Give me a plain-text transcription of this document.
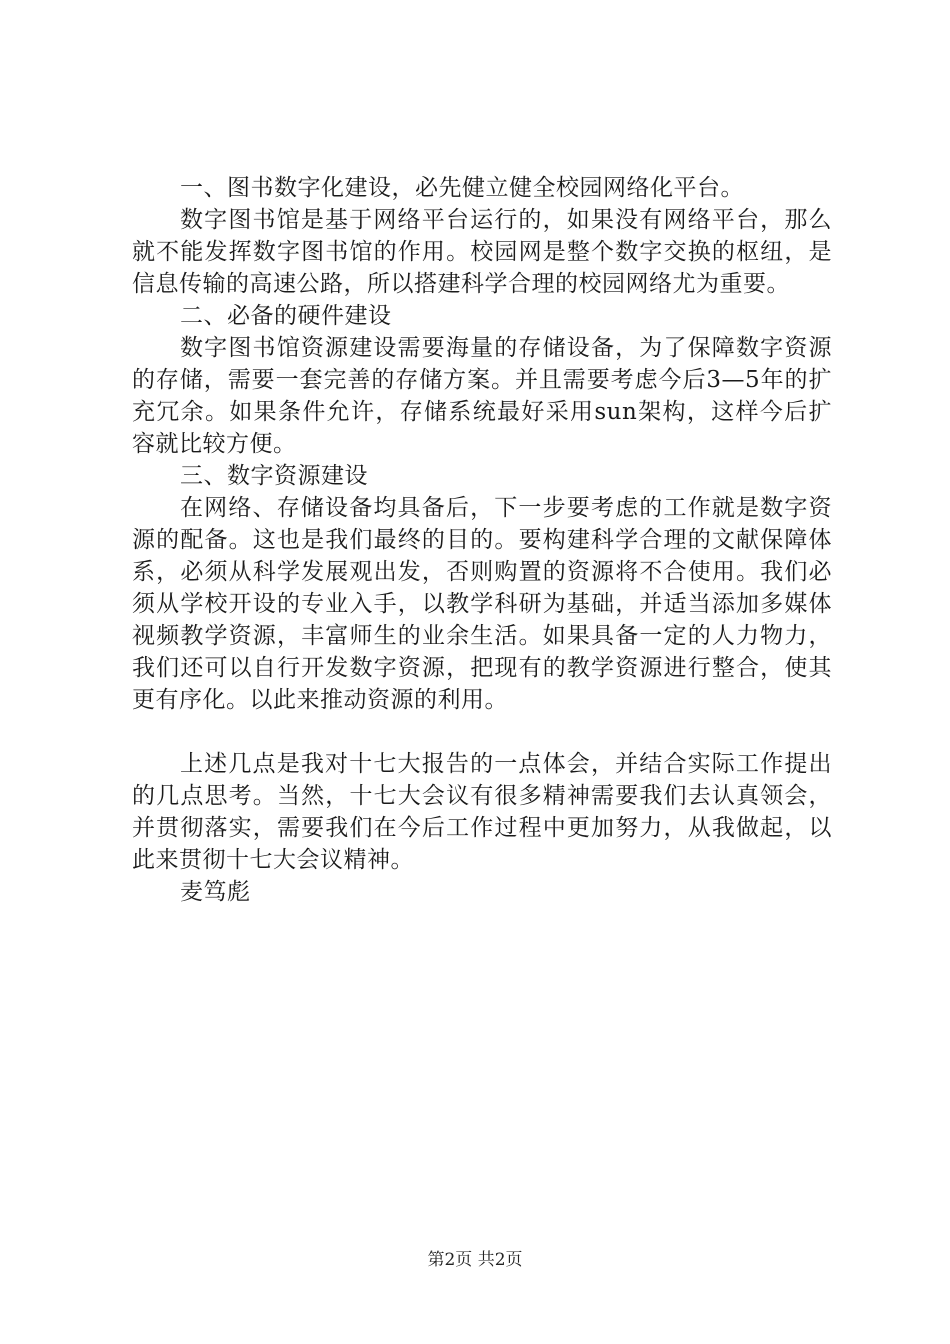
一、图书数字化建设，必先健立健全校园网络化平台。

数字图书馆是基于网络平台运行的，如果没有网络平台，那么就不能发挥数字图书馆的作用。校园网是整个数字交换的枢纽，是信息传输的高速公路，所以搭建科学合理的校园网络尤为重要。

二、必备的硬件建设

数字图书馆资源建设需要海量的存储设备，为了保障数字资源的存储，需要一套完善的存储方案。并且需要考虑今后3—5年的扩充冗余。如果条件允许，存储系统最好采用sun架构，这样今后扩容就比较方便。

三、数字资源建设

在网络、存储设备均具备后，下一步要考虑的工作就是数字资源的配备。这也是我们最终的目的。要构建科学合理的文献保障体系，必须从科学发展观出发，否则购置的资源将不合使用。我们必须从学校开设的专业入手，以教学科研为基础，并适当添加多媒体视频教学资源，丰富师生的业余生活。如果具备一定的人力物力，我们还可以自行开发数字资源，把现有的教学资源进行整合，使其更有序化。以此来推动资源的利用。

上述几点是我对十七大报告的一点体会，并结合实际工作提出的几点思考。当然，十七大会议有很多精神需要我们去认真领会，并贯彻落实，需要我们在今后工作过程中更加努力，从我做起，以此来贯彻十七大会议精神。

麦笃彪

第2页 共2页
